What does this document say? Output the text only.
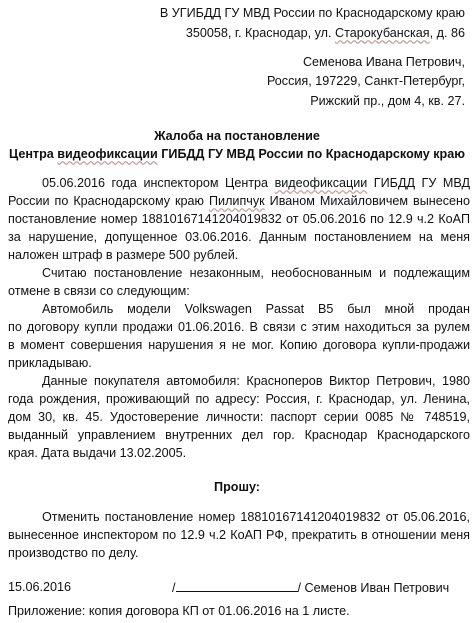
В УГИБДД ГУ МВД России по Краснодарскому краю
350058, г. Краснодар, ул. Старокубанская, д. 86
Семенова Ивана Петрович,
Россия, 197229, Санкт-Петербург,
Рижский пр., дом 4, кв. 27.
Жалоба на постановление
Центра видеофиксации ГИБДД ГУ МВД России по Краснодарскому краю
05.06.2016 года инспектором Центра видеофиксации ГИБДД ГУ МВД
России по Краснодарскому краю Пилипчук Иваном Михайловичем вынесено
постановление номер 18810167141204019832 от 05.06.2016 по 12.9 ч.2 КоАП
за нарушение, допущенное 03.06.2016. Данным постановлением на меня
наложен штраф в размере 500 рублей.
Считаю постановление незаконным, необоснованным и подлежащим
отмене в связи со следующим:
Автомобиль модели Volkswagen Passat B5 был мной продан
по договору купли продажи 01.06.2016. В связи с этим находиться за рулем
в момент совершения нарушения я не мог. Копию договора купли-продажи
прикладываю.
Данные покупателя автомобиля: Красноперов Виктор Петрович, 1980
года рождения, проживающий по адресу: Россия, г. Краснодар, ул. Ленина,
дом 30, кв. 45. Удостоверение личности: паспорт серии 0085 № 748519,
выданный управлением внутренних дел гор. Краснодар Краснодарского
края. Дата выдачи 13.02.2005.
Прошу:
Отменить постановление номер 18810167141204019832 от 05.06.2016,
вынесенное инспектором по 12.9 ч.2 КоАП РФ, прекратить в отношении меня
производство по делу.
15.06.2016	/	/ Семенов Иван Петрович
Приложение: копия договора КП от 01.06.2016 на 1 листе.
